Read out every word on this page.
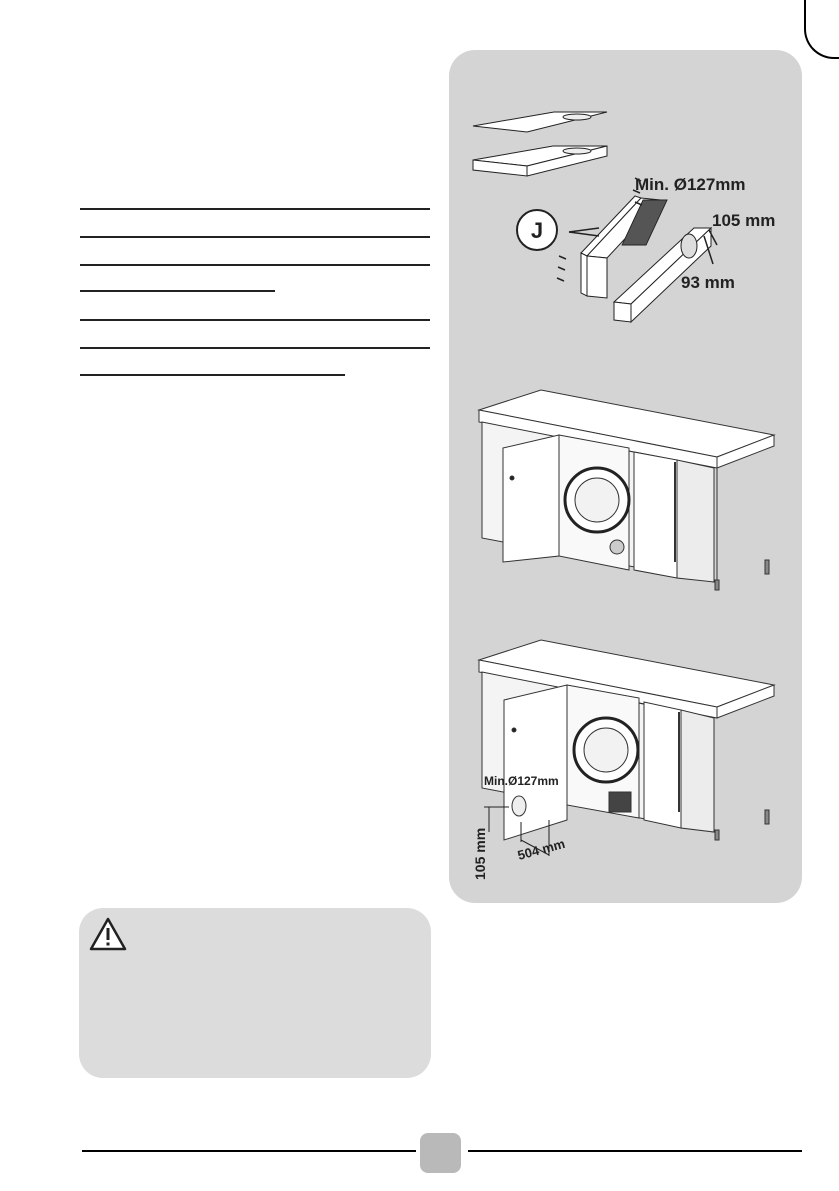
J
Min. Ø127mm
105 mm
93 mm
Min.Ø127mm
504 mm
105 mm
